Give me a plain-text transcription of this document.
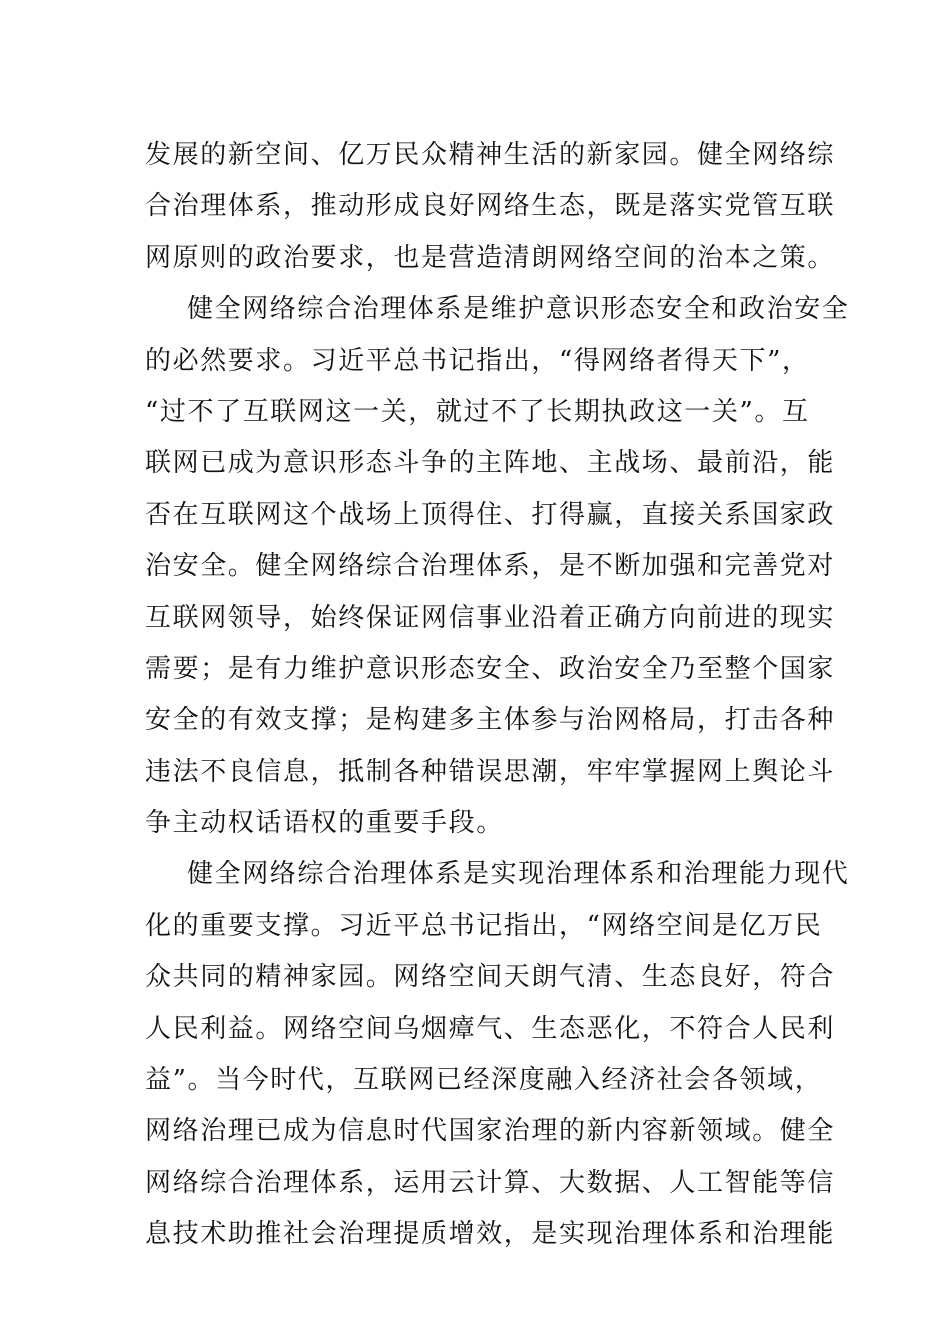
发展的新空间、亿万民众精神生活的新家园。健全网络综
合治理体系，推动形成良好网络生态，既是落实党管互联
网原则的政治要求，也是营造清朗网络空间的治本之策。
健全网络综合治理体系是维护意识形态安全和政治安全
的必然要求。习近平总书记指出，“得网络者得天下”，
“过不了互联网这一关，就过不了长期执政这一关”。互
联网已成为意识形态斗争的主阵地、主战场、最前沿，能
否在互联网这个战场上顶得住、打得赢，直接关系国家政
治安全。健全网络综合治理体系，是不断加强和完善党对
互联网领导，始终保证网信事业沿着正确方向前进的现实
需要；是有力维护意识形态安全、政治安全乃至整个国家
安全的有效支撑；是构建多主体参与治网格局，打击各种
违法不良信息，抵制各种错误思潮，牢牢掌握网上舆论斗
争主动权话语权的重要手段。
健全网络综合治理体系是实现治理体系和治理能力现代
化的重要支撑。习近平总书记指出，“网络空间是亿万民
众共同的精神家园。网络空间天朗气清、生态良好，符合
人民利益。网络空间乌烟瘴气、生态恶化，不符合人民利
益”。当今时代，互联网已经深度融入经济社会各领域，
网络治理已成为信息时代国家治理的新内容新领域。健全
网络综合治理体系，运用云计算、大数据、人工智能等信
息技术助推社会治理提质增效，是实现治理体系和治理能
